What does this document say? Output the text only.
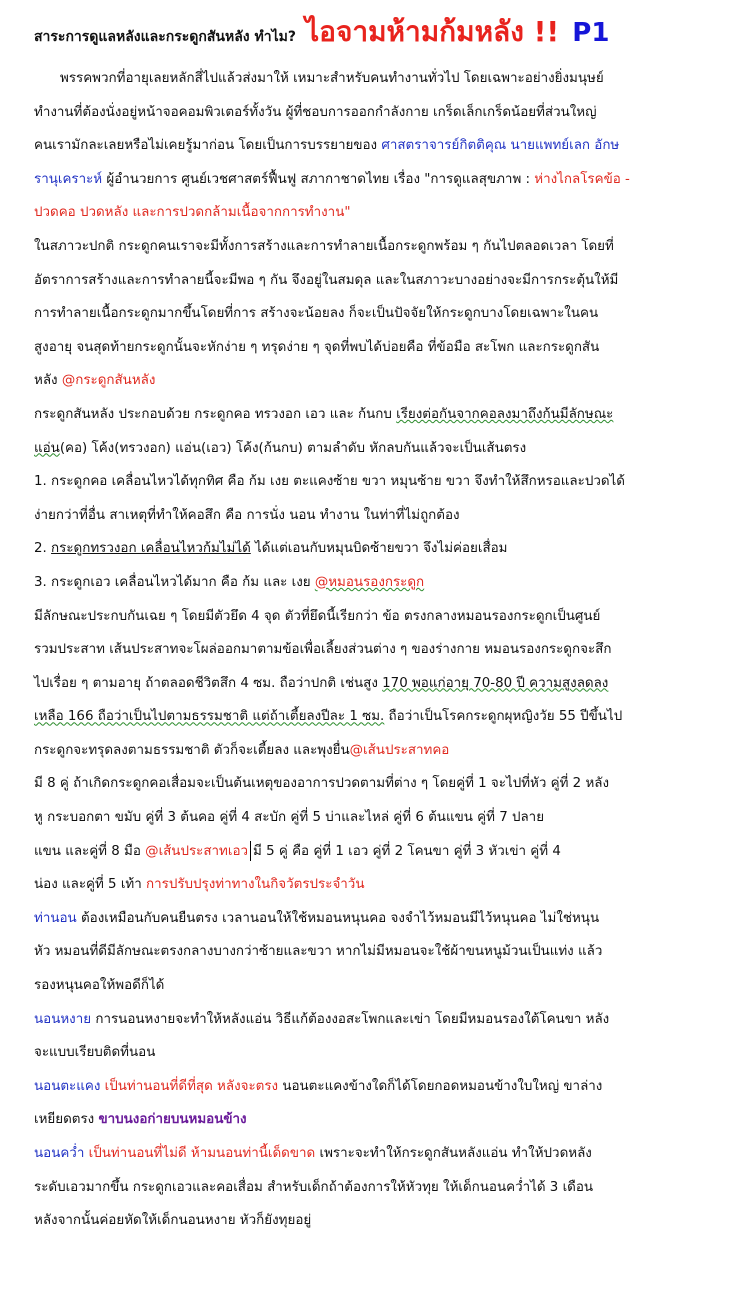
สาระการดูแลหลังและกระดูกสันหลัง ทำไม? ไอจามห้ามก้มหลัง !! P1

พรรคพวกที่อายุเลยหลักสี่ไปแล้วส่งมาให้ เหมาะสำหรับคนทำงานทั่วไป โดยเฉพาะอย่างยิ่งมนุษย์

ทำงานที่ต้องนั่งอยู่หน้าจอคอมพิวเตอร์ทั้งวัน ผู้ที่ชอบการออกกำลังกาย เกร็ดเล็กเกร็ดน้อยที่ส่วนใหญ่

คนเรามักละเลยหรือไม่เคยรู้มาก่อน โดยเป็นการบรรยายของ ศาสตราจารย์กิตติคุณ นายแพทย์เลก อักษ

รานุเคราะห์ ผู้อำนวยการ ศูนย์เวชศาสตร์ฟื้นฟู สภากาชาดไทย เรื่อง "การดูแลสุขภาพ : ห่างไกลโรคข้อ -

ปวดคอ ปวดหลัง และการปวดกล้ามเนื้อจากการทำงาน"

ในสภาวะปกติ กระดูกคนเราจะมีทั้งการสร้างและการทำลายเนื้อกระดูกพร้อม ๆ กันไปตลอดเวลา โดยที่

อัตราการสร้างและการทำลายนี้จะมีพอ ๆ กัน จึงอยู่ในสมดุล และในสภาวะบางอย่างจะมีการกระตุ้นให้มี

การทำลายเนื้อกระดูกมากขึ้นโดยที่การ สร้างจะน้อยลง ก็จะเป็นปัจจัยให้กระดูกบางโดยเฉพาะในคน

สูงอายุ จนสุดท้ายกระดูกนั้นจะหักง่าย ๆ ทรุดง่าย ๆ จุดที่พบได้บ่อยคือ ที่ข้อมือ สะโพก และกระดูกสัน

หลัง @กระดูกสันหลัง

กระดูกสันหลัง ประกอบด้วย กระดูกคอ ทรวงอก เอว และ ก้นกบ เรียงต่อกันจากคอลงมาถึงก้นมีลักษณะ

แอ่น(คอ) โค้ง(ทรวงอก) แอ่น(เอว) โค้ง(ก้นกบ) ตามลำดับ หักลบกันแล้วจะเป็นเส้นตรง

1. กระดูกคอ เคลื่อนไหวได้ทุกทิศ คือ ก้ม เงย ตะแคงซ้าย ขวา หมุนซ้าย ขวา จึงทำให้สึกหรอและปวดได้

ง่ายกว่าที่อื่น สาเหตุที่ทำให้คอสึก คือ การนั่ง นอน ทำงาน ในท่าที่ไม่ถูกต้อง

2. กระดูกทรวงอก เคลื่อนไหวก้มไม่ได้ ได้แต่เอนกับหมุนบิดซ้ายขวา จึงไม่ค่อยเสื่อม

3. กระดูกเอว เคลื่อนไหวได้มาก คือ ก้ม และ เงย @หมอนรองกระดูก

มีลักษณะประกบกันเฉย ๆ โดยมีตัวยึด 4 จุด ตัวที่ยึดนี้เรียกว่า ข้อ ตรงกลางหมอนรองกระดูกเป็นศูนย์

รวมประสาท เส้นประสาทจะโผล่ออกมาตามข้อเพื่อเลี้ยงส่วนต่าง ๆ ของร่างกาย หมอนรองกระดูกจะสึก

ไปเรื่อย ๆ ตามอายุ ถ้าตลอดชีวิตสึก 4 ซม. ถือว่าปกติ เช่นสูง 170 พอแก่อายุ 70-80 ปี ความสูงลดลง

เหลือ 166 ถือว่าเป็นไปตามธรรมชาติ แต่ถ้าเตี้ยลงปีละ 1 ซม. ถือว่าเป็นโรคกระดูกผุหญิงวัย 55 ปีขึ้นไป

กระดูกจะทรุดลงตามธรรมชาติ ตัวก็จะเตี้ยลง และพุงยื่น@เส้นประสาทคอ

มี 8 คู่ ถ้าเกิดกระดูกคอเสื่อมจะเป็นต้นเหตุของอาการปวดตามที่ต่าง ๆ โดยคู่ที่ 1 จะไปที่หัว คู่ที่ 2 หลัง

หู กระบอกตา ขมับ คู่ที่ 3 ต้นคอ คู่ที่ 4 สะบัก คู่ที่ 5 บ่าและไหล่ คู่ที่ 6 ต้นแขน คู่ที่ 7 ปลาย

แขน และคู่ที่ 8 มือ @เส้นประสาทเอว มี 5 คู่ คือ คู่ที่ 1 เอว คู่ที่ 2 โคนขา คู่ที่ 3 หัวเข่า คู่ที่ 4

น่อง และคู่ที่ 5 เท้า การปรับปรุงท่าทางในกิจวัตรประจำวัน

ท่านอน ต้องเหมือนกับคนยืนตรง เวลานอนให้ใช้หมอนหนุนคอ จงจำไว้หมอนมีไว้หนุนคอ ไม่ใช่หนุน

หัว หมอนที่ดีมีลักษณะตรงกลางบางกว่าซ้ายและขวา หากไม่มีหมอนจะใช้ผ้าขนหนูม้วนเป็นแท่ง แล้ว

รองหนุนคอให้พอดีก็ได้

นอนหงาย การนอนหงายจะทำให้หลังแอ่น วิธีแก้ต้องงอสะโพกและเข่า โดยมีหมอนรองใต้โคนขา หลัง

จะแบบเรียบติดที่นอน

นอนตะแคง เป็นท่านอนที่ดีที่สุด หลังจะตรง นอนตะแคงข้างใดก็ได้โดยกอดหมอนข้างใบใหญ่ ขาล่าง

เหยียดตรง ขาบนงอก่ายบนหมอนข้าง

นอนคว่ำ เป็นท่านอนที่ไม่ดี ห้ามนอนท่านี้เด็ดขาด เพราะจะทำให้กระดูกสันหลังแอ่น ทำให้ปวดหลัง

ระดับเอวมากขึ้น กระดูกเอวและคอเสื่อม สำหรับเด็กถ้าต้องการให้หัวทุย ให้เด็กนอนคว่ำได้ 3 เดือน

หลังจากนั้นค่อยหัดให้เด็กนอนหงาย หัวก็ยังทุยอยู่
